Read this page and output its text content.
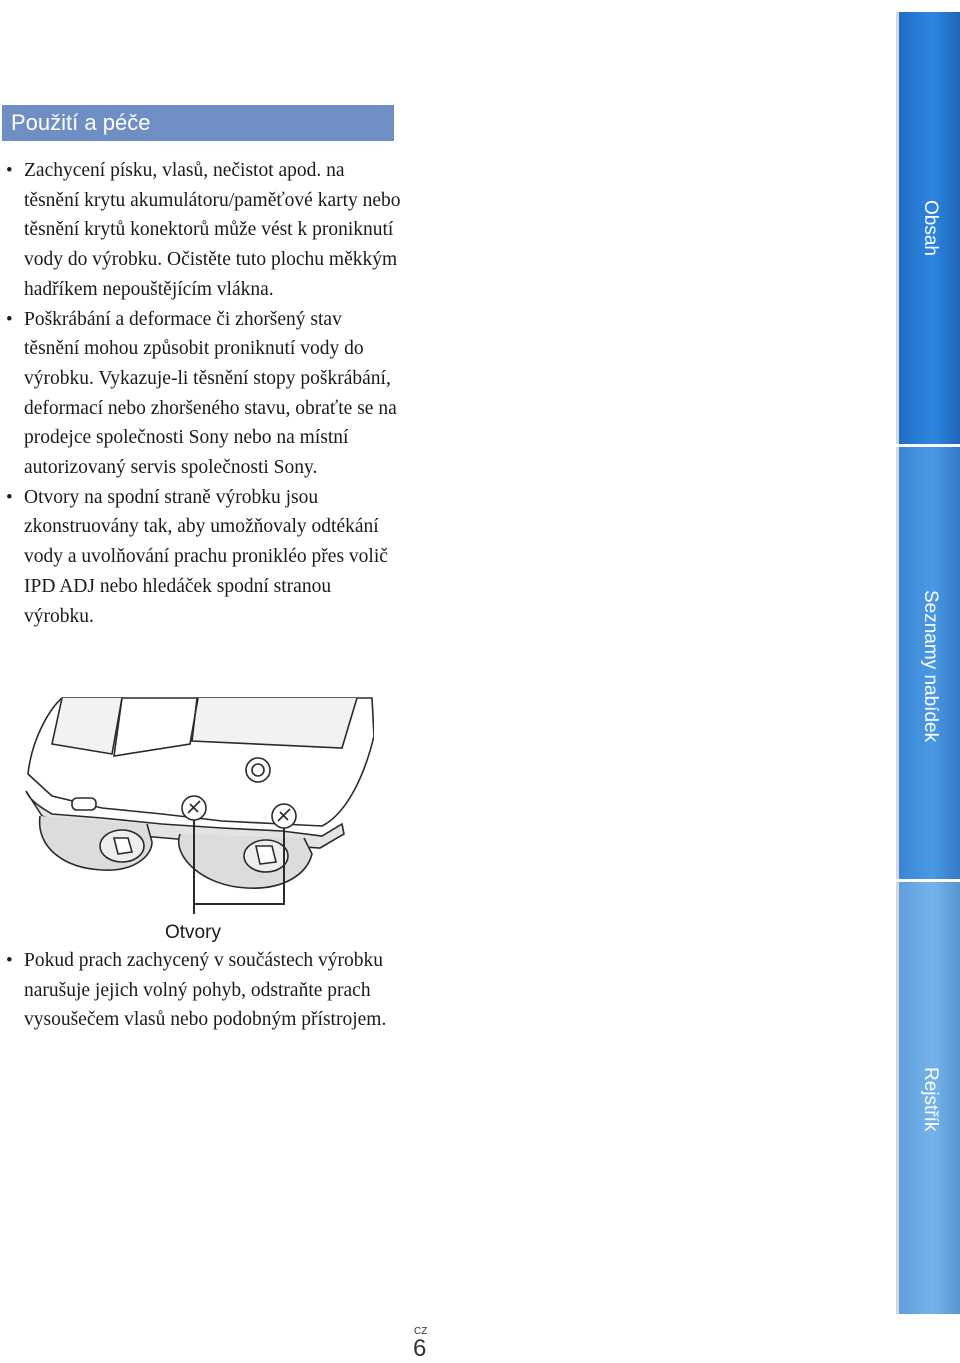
Použití a péče
• Zachycení písku, vlasů, nečistot apod. na těsnění krytu akumulátoru/paměťové karty nebo těsnění krytů konektorů může vést k proniknutí vody do výrobku. Očistěte tuto plochu měkkým hadříkem nepouštějícím vlákna.
• Poškrábání a deformace či zhoršený stav těsnění mohou způsobit proniknutí vody do výrobku. Vykazuje-li těsnění stopy poškrábání, deformací nebo zhoršeného stavu, obraťte se na prodejce společnosti Sony nebo na místní autorizovaný servis společnosti Sony.
• Otvory na spodní straně výrobku jsou zkonstruovány tak, aby umožňovaly odtékání vody a uvolňování prachu pronikléo přes volič IPD ADJ nebo hledáček spodní stranou výrobku.
Otvory
• Pokud prach zachycený v součástech výrobku narušuje jejich volný pohyb, odstraňte prach vysoušečem vlasů nebo podobným přístrojem.
Obsah
Seznamy nabídek
Rejstřík
CZ
6
